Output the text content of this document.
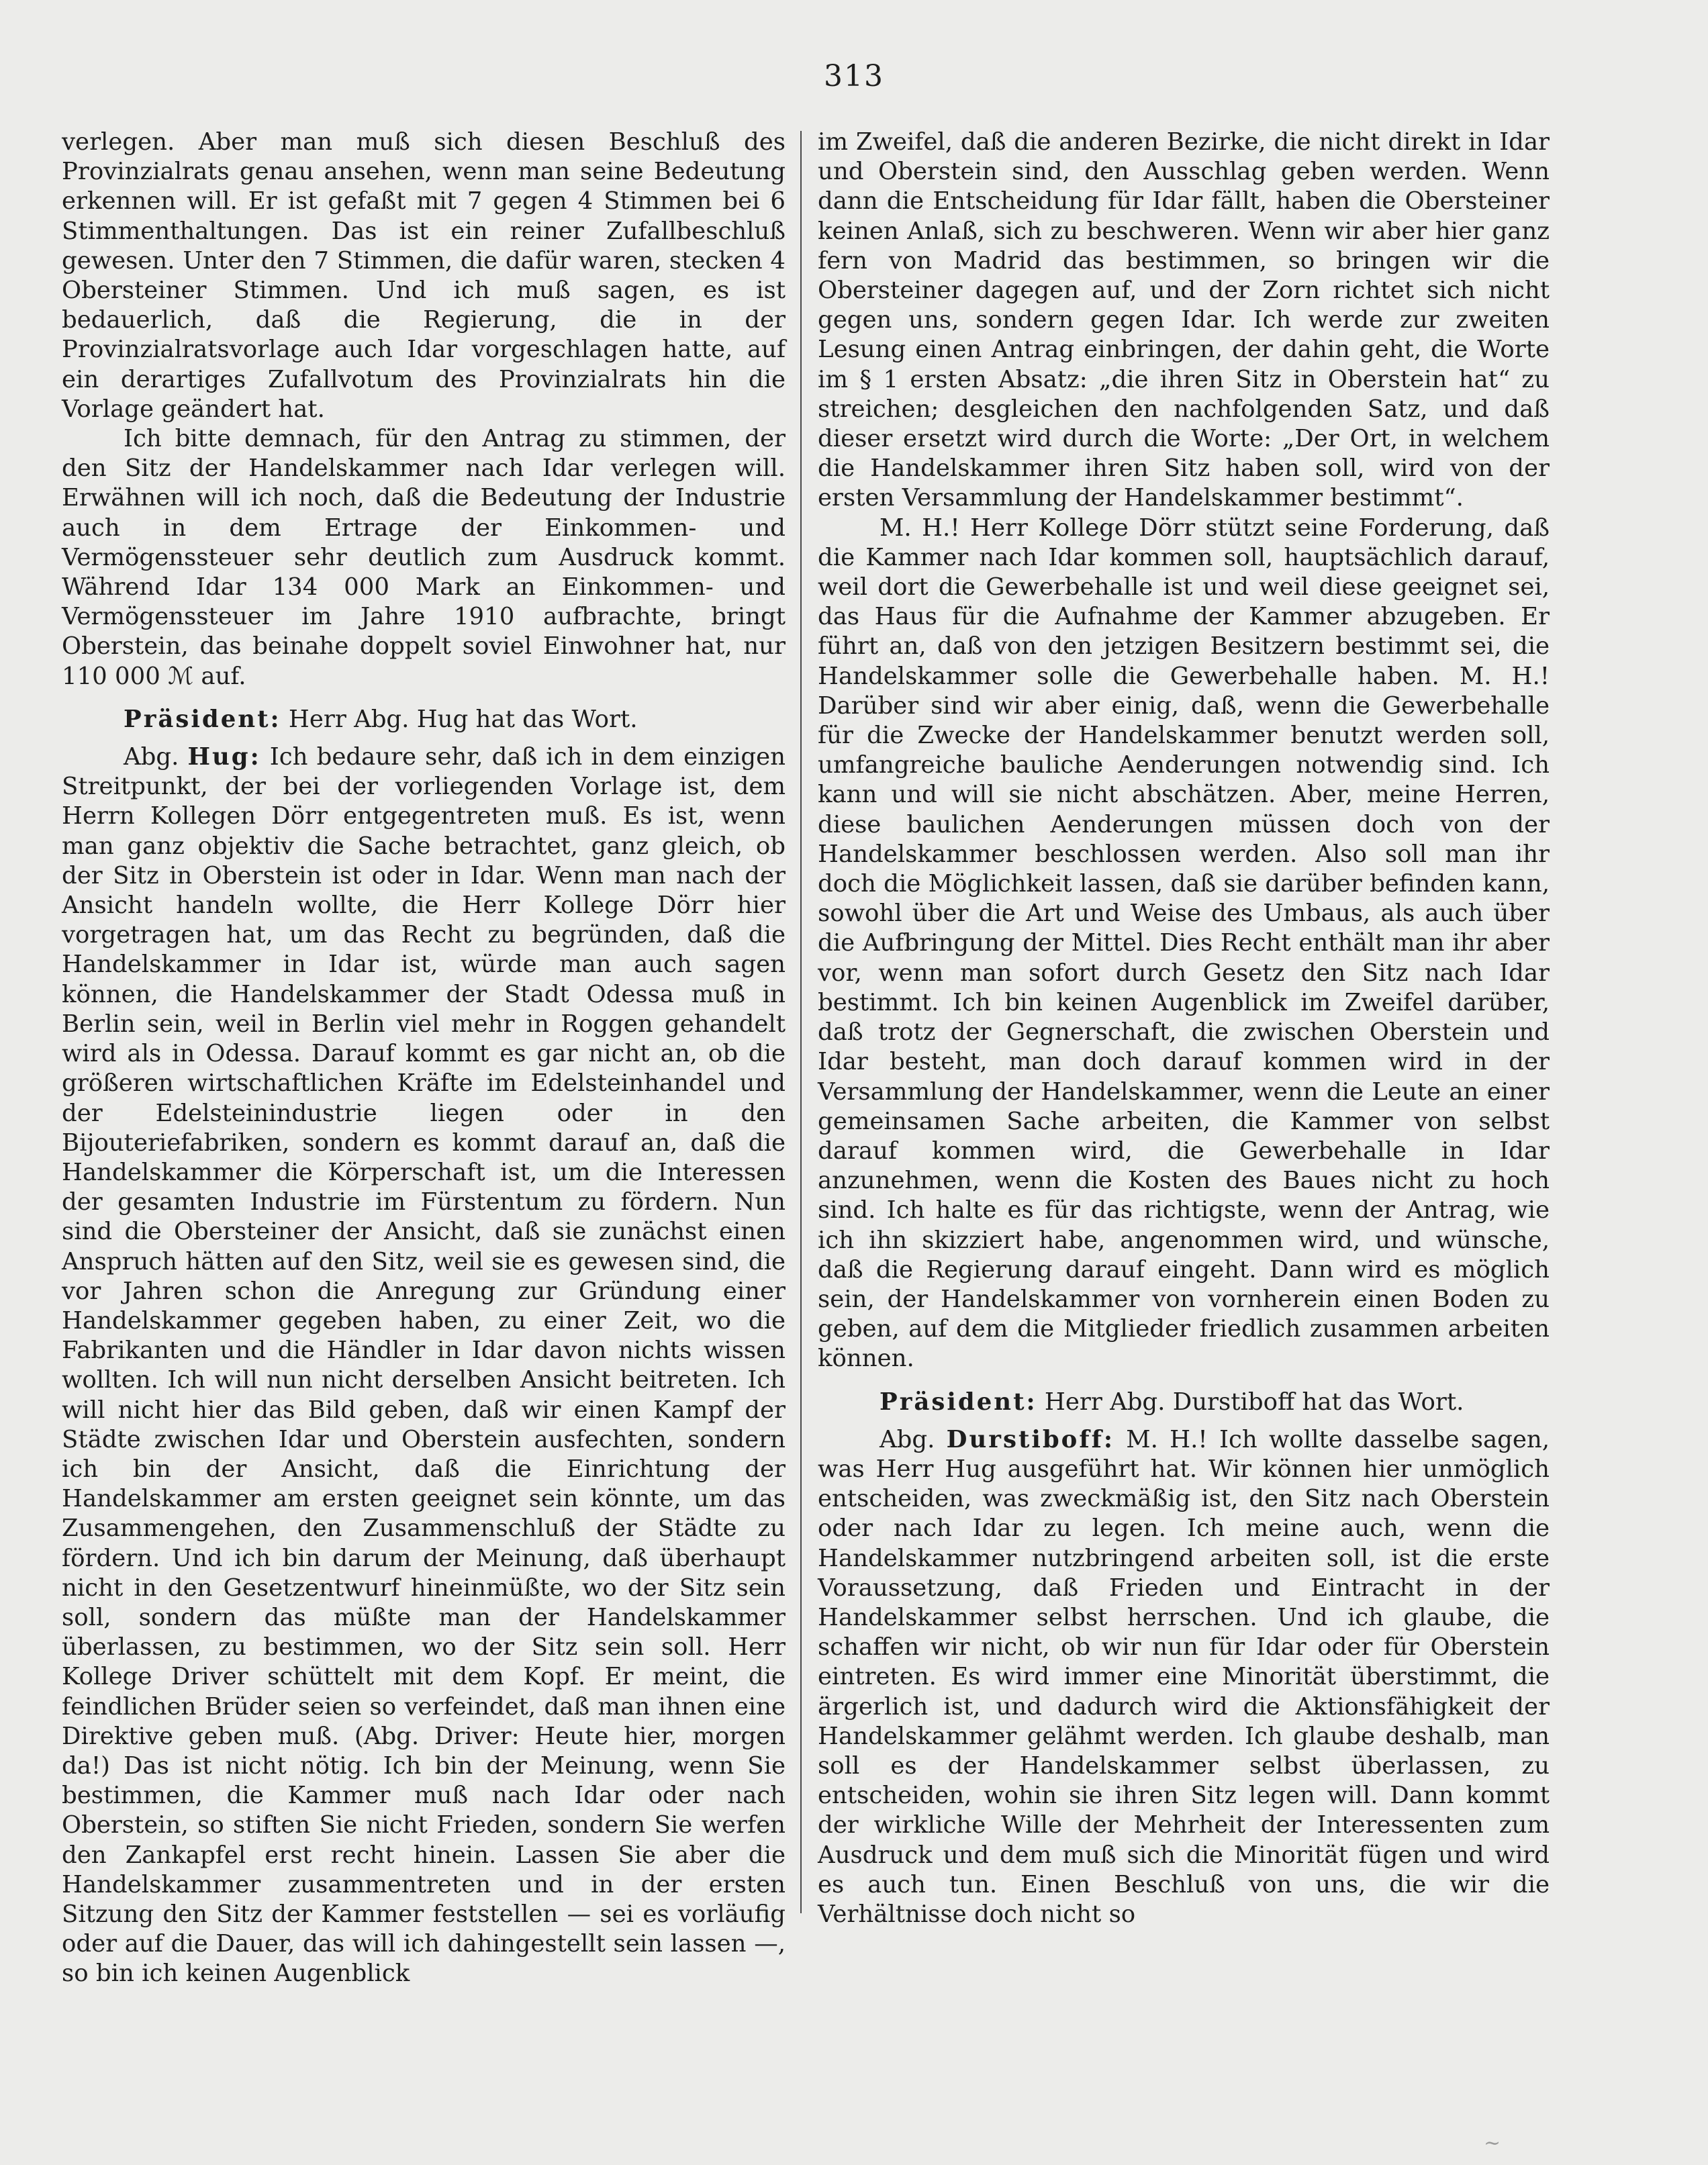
313

verlegen. Aber man muß sich diesen Beschluß des Provinzialrats genau ansehen, wenn man seine Bedeutung erkennen will. Er ist gefaßt mit 7 gegen 4 Stimmen bei 6 Stimmenthaltungen. Das ist ein reiner Zufallbeschluß gewesen. Unter den 7 Stimmen, die dafür waren, stecken 4 Obersteiner Stimmen. Und ich muß sagen, es ist bedauerlich, daß die Regierung, die in der Provinzialratsvorlage auch Idar vorgeschlagen hatte, auf ein derartiges Zufallvotum des Provinzialrats hin die Vorlage geändert hat.

Ich bitte demnach, für den Antrag zu stimmen, der den Sitz der Handelskammer nach Idar verlegen will. Erwähnen will ich noch, daß die Bedeutung der Industrie auch in dem Ertrage der Einkommen- und Vermögenssteuer sehr deutlich zum Ausdruck kommt. Während Idar 134 000 Mark an Einkommen- und Vermögenssteuer im Jahre 1910 aufbrachte, bringt Oberstein, das beinahe doppelt soviel Einwohner hat, nur 110 000 ℳ auf.

Präsident: Herr Abg. Hug hat das Wort.

Abg. Hug: Ich bedaure sehr, daß ich in dem einzigen Streitpunkt, der bei der vorliegenden Vorlage ist, dem Herrn Kollegen Dörr entgegentreten muß. Es ist, wenn man ganz objektiv die Sache betrachtet, ganz gleich, ob der Sitz in Oberstein ist oder in Idar. Wenn man nach der Ansicht handeln wollte, die Herr Kollege Dörr hier vorgetragen hat, um das Recht zu begründen, daß die Handelskammer in Idar ist, würde man auch sagen können, die Handelskammer der Stadt Odessa muß in Berlin sein, weil in Berlin viel mehr in Roggen gehandelt wird als in Odessa. Darauf kommt es gar nicht an, ob die größeren wirtschaftlichen Kräfte im Edelsteinhandel und der Edelsteinindustrie liegen oder in den Bijouteriefabriken, sondern es kommt darauf an, daß die Handelskammer die Körperschaft ist, um die Interessen der gesamten Industrie im Fürstentum zu fördern. Nun sind die Obersteiner der Ansicht, daß sie zunächst einen Anspruch hätten auf den Sitz, weil sie es gewesen sind, die vor Jahren schon die Anregung zur Gründung einer Handelskammer gegeben haben, zu einer Zeit, wo die Fabrikanten und die Händler in Idar davon nichts wissen wollten. Ich will nun nicht derselben Ansicht beitreten. Ich will nicht hier das Bild geben, daß wir einen Kampf der Städte zwischen Idar und Oberstein ausfechten, sondern ich bin der Ansicht, daß die Einrichtung der Handelskammer am ersten geeignet sein könnte, um das Zusammengehen, den Zusammenschluß der Städte zu fördern. Und ich bin darum der Meinung, daß überhaupt nicht in den Gesetzentwurf hineinmüßte, wo der Sitz sein soll, sondern das müßte man der Handelskammer überlassen, zu bestimmen, wo der Sitz sein soll. Herr Kollege Driver schüttelt mit dem Kopf. Er meint, die feindlichen Brüder seien so verfeindet, daß man ihnen eine Direktive geben muß. (Abg. Driver: Heute hier, morgen da!) Das ist nicht nötig. Ich bin der Meinung, wenn Sie bestimmen, die Kammer muß nach Idar oder nach Oberstein, so stiften Sie nicht Frieden, sondern Sie werfen den Zankapfel erst recht hinein. Lassen Sie aber die Handelskammer zusammentreten und in der ersten Sitzung den Sitz der Kammer feststellen — sei es vorläufig oder auf die Dauer, das will ich dahingestellt sein lassen —, so bin ich keinen Augenblick

im Zweifel, daß die anderen Bezirke, die nicht direkt in Idar und Oberstein sind, den Ausschlag geben werden. Wenn dann die Entscheidung für Idar fällt, haben die Obersteiner keinen Anlaß, sich zu beschweren. Wenn wir aber hier ganz fern von Madrid das bestimmen, so bringen wir die Obersteiner dagegen auf, und der Zorn richtet sich nicht gegen uns, sondern gegen Idar. Ich werde zur zweiten Lesung einen Antrag einbringen, der dahin geht, die Worte im § 1 ersten Absatz: „die ihren Sitz in Oberstein hat“ zu streichen; desgleichen den nachfolgenden Satz, und daß dieser ersetzt wird durch die Worte: „Der Ort, in welchem die Handelskammer ihren Sitz haben soll, wird von der ersten Versammlung der Handelskammer bestimmt“.

M. H.! Herr Kollege Dörr stützt seine Forderung, daß die Kammer nach Idar kommen soll, hauptsächlich darauf, weil dort die Gewerbehalle ist und weil diese geeignet sei, das Haus für die Aufnahme der Kammer abzugeben. Er führt an, daß von den jetzigen Besitzern bestimmt sei, die Handelskammer solle die Gewerbehalle haben. M. H.! Darüber sind wir aber einig, daß, wenn die Gewerbehalle für die Zwecke der Handelskammer benutzt werden soll, umfangreiche bauliche Aenderungen notwendig sind. Ich kann und will sie nicht abschätzen. Aber, meine Herren, diese baulichen Aenderungen müssen doch von der Handelskammer beschlossen werden. Also soll man ihr doch die Möglichkeit lassen, daß sie darüber befinden kann, sowohl über die Art und Weise des Umbaus, als auch über die Aufbringung der Mittel. Dies Recht enthält man ihr aber vor, wenn man sofort durch Gesetz den Sitz nach Idar bestimmt. Ich bin keinen Augenblick im Zweifel darüber, daß trotz der Gegnerschaft, die zwischen Oberstein und Idar besteht, man doch darauf kommen wird in der Versammlung der Handelskammer, wenn die Leute an einer gemeinsamen Sache arbeiten, die Kammer von selbst darauf kommen wird, die Gewerbehalle in Idar anzunehmen, wenn die Kosten des Baues nicht zu hoch sind. Ich halte es für das richtigste, wenn der Antrag, wie ich ihn skizziert habe, angenommen wird, und wünsche, daß die Regierung darauf eingeht. Dann wird es möglich sein, der Handelskammer von vornherein einen Boden zu geben, auf dem die Mitglieder friedlich zusammen arbeiten können.

Präsident: Herr Abg. Durstiboff hat das Wort.

Abg. Durstiboff: M. H.! Ich wollte dasselbe sagen, was Herr Hug ausgeführt hat. Wir können hier unmöglich entscheiden, was zweckmäßig ist, den Sitz nach Oberstein oder nach Idar zu legen. Ich meine auch, wenn die Handelskammer nutzbringend arbeiten soll, ist die erste Voraussetzung, daß Frieden und Eintracht in der Handelskammer selbst herrschen. Und ich glaube, die schaffen wir nicht, ob wir nun für Idar oder für Oberstein eintreten. Es wird immer eine Minorität überstimmt, die ärgerlich ist, und dadurch wird die Aktionsfähigkeit der Handelskammer gelähmt werden. Ich glaube deshalb, man soll es der Handelskammer selbst überlassen, zu entscheiden, wohin sie ihren Sitz legen will. Dann kommt der wirkliche Wille der Mehrheit der Interessenten zum Ausdruck und dem muß sich die Minorität fügen und wird es auch tun. Einen Beschluß von uns, die wir die Verhältnisse doch nicht so

∼
